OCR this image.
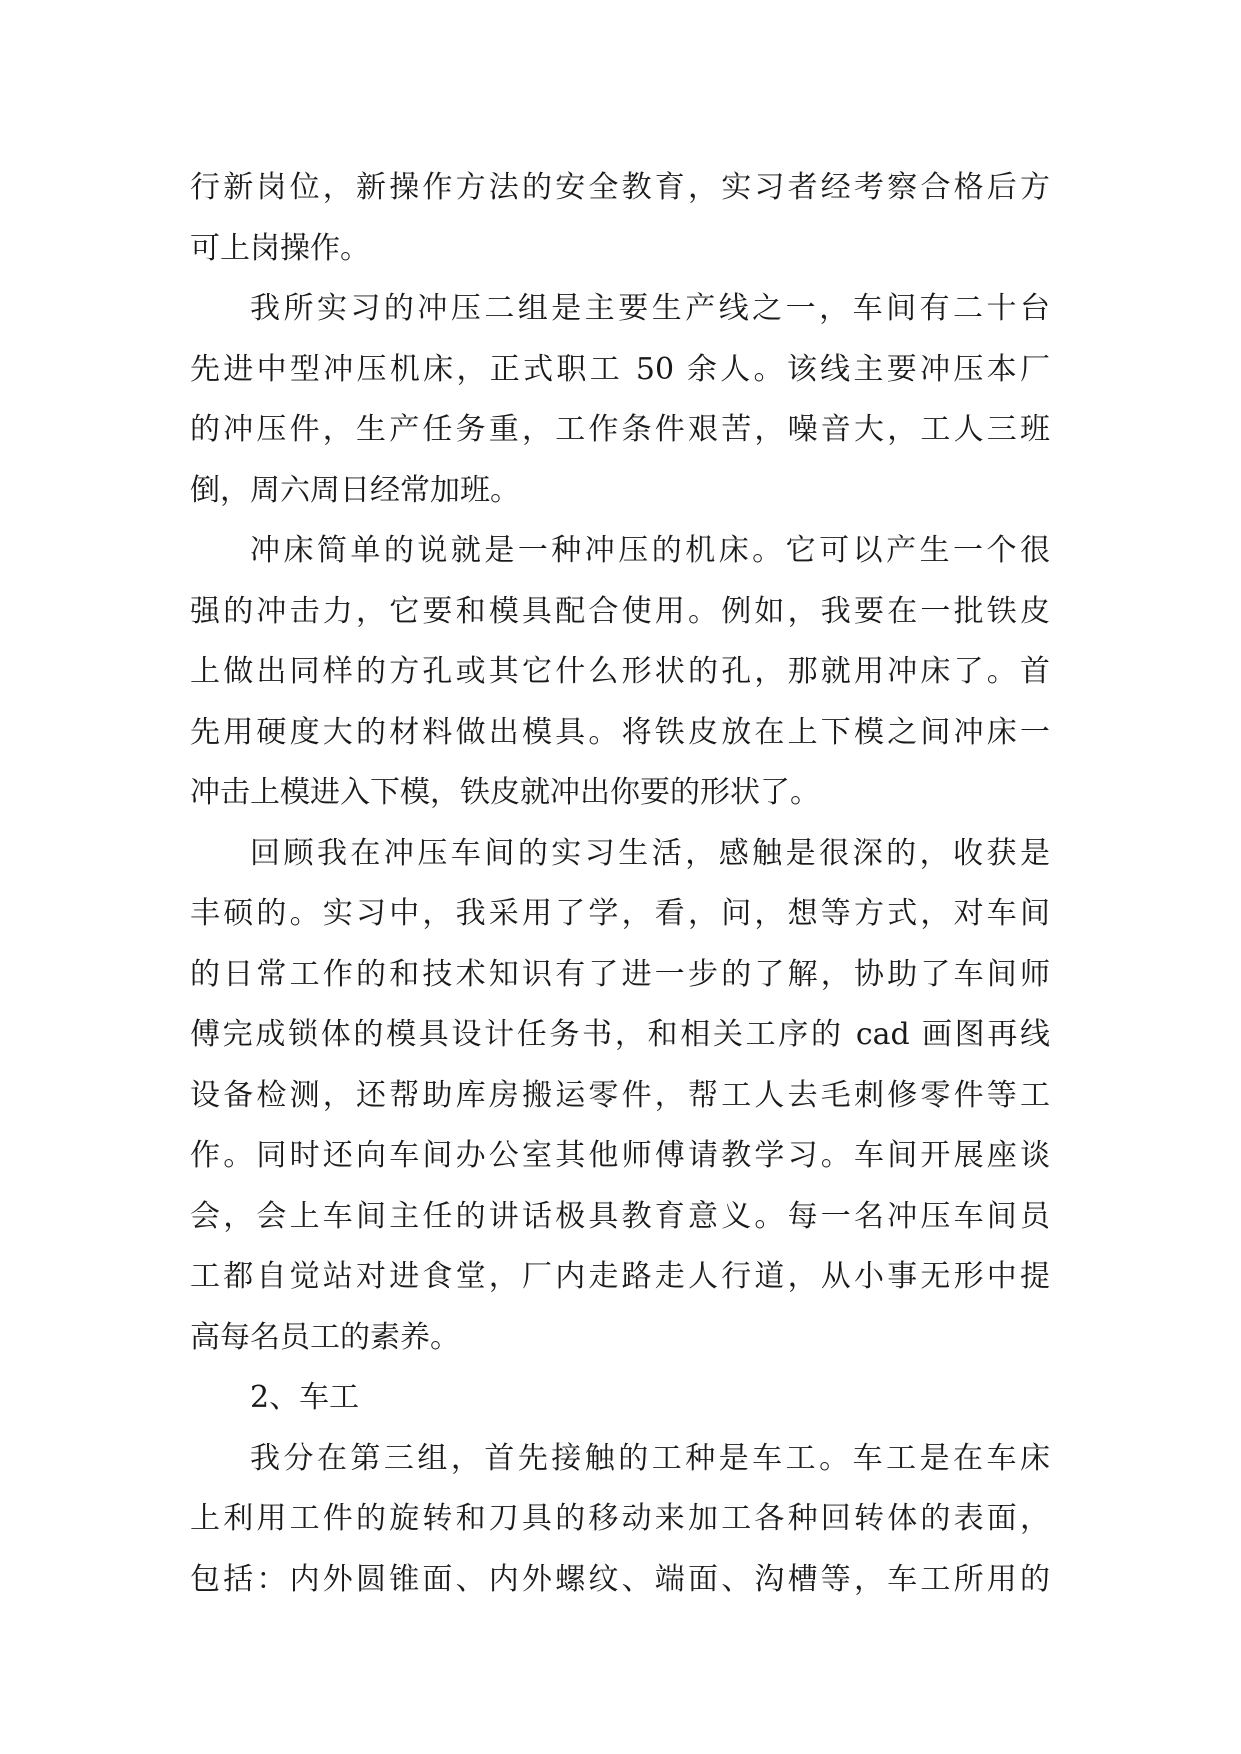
行新岗位，新操作方法的安全教育，实习者经考察合格后方
可上岗操作。
我所实习的冲压二组是主要生产线之一，车间有二十台
先进中型冲压机床，正式职工 50 余人。该线主要冲压本厂
的冲压件，生产任务重，工作条件艰苦，噪音大，工人三班
倒，周六周日经常加班。
冲床简单的说就是一种冲压的机床。它可以产生一个很
强的冲击力，它要和模具配合使用。例如，我要在一批铁皮
上做出同样的方孔或其它什么形状的孔，那就用冲床了。首
先用硬度大的材料做出模具。将铁皮放在上下模之间冲床一
冲击上模进入下模，铁皮就冲出你要的形状了。
回顾我在冲压车间的实习生活，感触是很深的，收获是
丰硕的。实习中，我采用了学，看，问，想等方式，对车间
的日常工作的和技术知识有了进一步的了解，协助了车间师
傅完成锁体的模具设计任务书，和相关工序的 cad 画图再线
设备检测，还帮助库房搬运零件，帮工人去毛刺修零件等工
作。同时还向车间办公室其他师傅请教学习。车间开展座谈
会，会上车间主任的讲话极具教育意义。每一名冲压车间员
工都自觉站对进食堂，厂内走路走人行道，从小事无形中提
高每名员工的素养。
2、车工
我分在第三组，首先接触的工种是车工。车工是在车床
上利用工件的旋转和刀具的移动来加工各种回转体的表面，
包括：内外圆锥面、内外螺纹、端面、沟槽等，车工所用的
